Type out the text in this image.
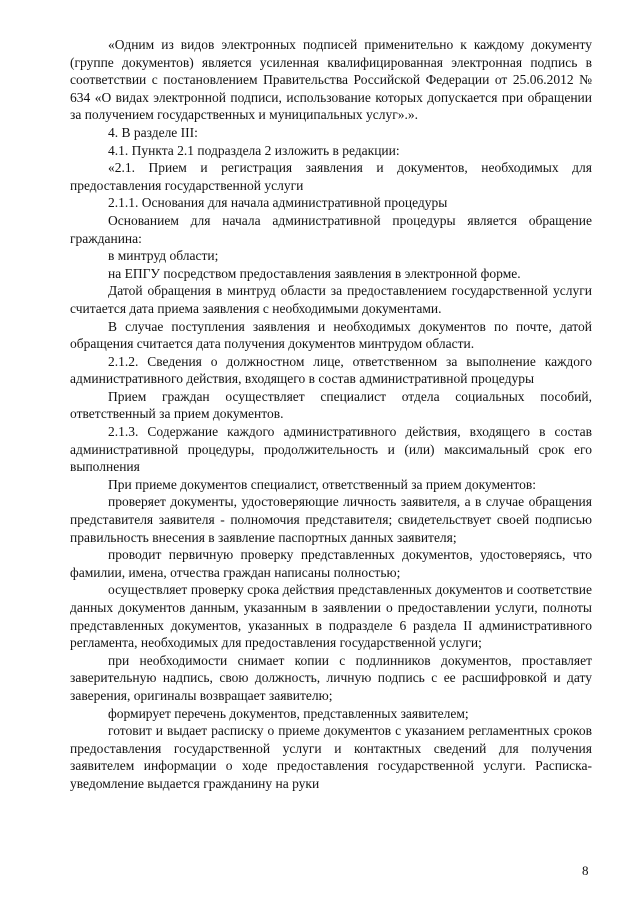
«Одним из видов электронных подписей применительно к каждому документу (группе документов) является усиленная квалифицированная электронная подпись в соответствии с постановлением Правительства Российской Федерации от 25.06.2012 № 634 «О видах электронной подписи, использование которых допускается при обращении за получением государственных и муниципальных услуг».».

4. В разделе III:

4.1. Пункта 2.1 подраздела 2 изложить в редакции:

«2.1. Прием и регистрация заявления и документов, необходимых для предоставления государственной услуги

2.1.1. Основания для начала административной процедуры

Основанием для начала административной процедуры является обращение гражданина:

в минтруд области;

на ЕПГУ посредством предоставления заявления в электронной форме.

Датой обращения в минтруд области за предоставлением государственной услуги считается дата приема заявления с необходимыми документами.

В случае поступления заявления и необходимых документов по почте, датой обращения считается дата получения документов минтрудом области.

2.1.2. Сведения о должностном лице, ответственном за выполнение каждого административного действия, входящего в состав административной процедуры

Прием граждан осуществляет специалист отдела социальных пособий, ответственный за прием документов.

2.1.3. Содержание каждого административного действия, входящего в состав административной процедуры, продолжительность и (или) максимальный срок его выполнения

При приеме документов специалист, ответственный за прием документов:

проверяет документы, удостоверяющие личность заявителя, а в случае обращения представителя заявителя - полномочия представителя; свидетельствует своей подписью правильность внесения в заявление паспортных данных заявителя;

проводит первичную проверку представленных документов, удостоверяясь, что фамилии, имена, отчества граждан написаны полностью;

осуществляет проверку срока действия представленных документов и соответствие данных документов данным, указанным в заявлении о предоставлении услуги, полноты представленных документов, указанных в подразделе 6 раздела II административного регламента, необходимых для предоставления государственной услуги;

при необходимости снимает копии с подлинников документов, проставляет заверительную надпись, свою должность, личную подпись с ее расшифровкой и дату заверения, оригиналы возвращает заявителю;

формирует перечень документов, представленных заявителем;

готовит и выдает расписку о приеме документов с указанием регламентных сроков предоставления государственной услуги и контактных сведений для получения заявителем информации о ходе предоставления государственной услуги. Расписка-уведомление выдается гражданину на руки

8
